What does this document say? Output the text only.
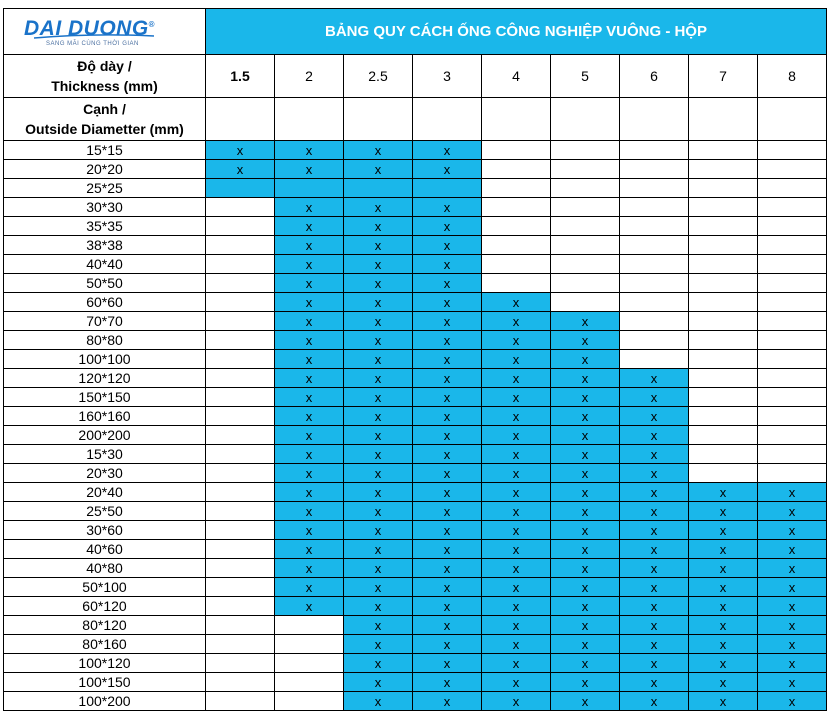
DAI DUONG®
SANG MÃI CÙNG THỜI GIAN	BẢNG QUY CÁCH ỐNG CÔNG NGHIỆP VUÔNG - HỘP								

Độ dày /
Thickness (mm)	1.5	2	2.5	3	4	5	6	7	8

Cạnh /
Outside Diametter (mm)									

15*15	x	x	x	x					
20*20	x	x	x	x					
25*25									
30*30		x	x	x					
35*35		x	x	x					
38*38		x	x	x					
40*40		x	x	x					
50*50		x	x	x					
60*60		x	x	x	x				
70*70		x	x	x	x	x			
80*80		x	x	x	x	x			
100*100		x	x	x	x	x			
120*120		x	x	x	x	x	x		
150*150		x	x	x	x	x	x		
160*160		x	x	x	x	x	x		
200*200		x	x	x	x	x	x		
15*30		x	x	x	x	x	x		
20*30		x	x	x	x	x	x		
20*40		x	x	x	x	x	x	x	x
25*50		x	x	x	x	x	x	x	x
30*60		x	x	x	x	x	x	x	x
40*60		x	x	x	x	x	x	x	x
40*80		x	x	x	x	x	x	x	x
50*100		x	x	x	x	x	x	x	x
60*120		x	x	x	x	x	x	x	x
80*120			x	x	x	x	x	x	x
80*160			x	x	x	x	x	x	x
100*120			x	x	x	x	x	x	x
100*150			x	x	x	x	x	x	x
100*200			x	x	x	x	x	x	x
